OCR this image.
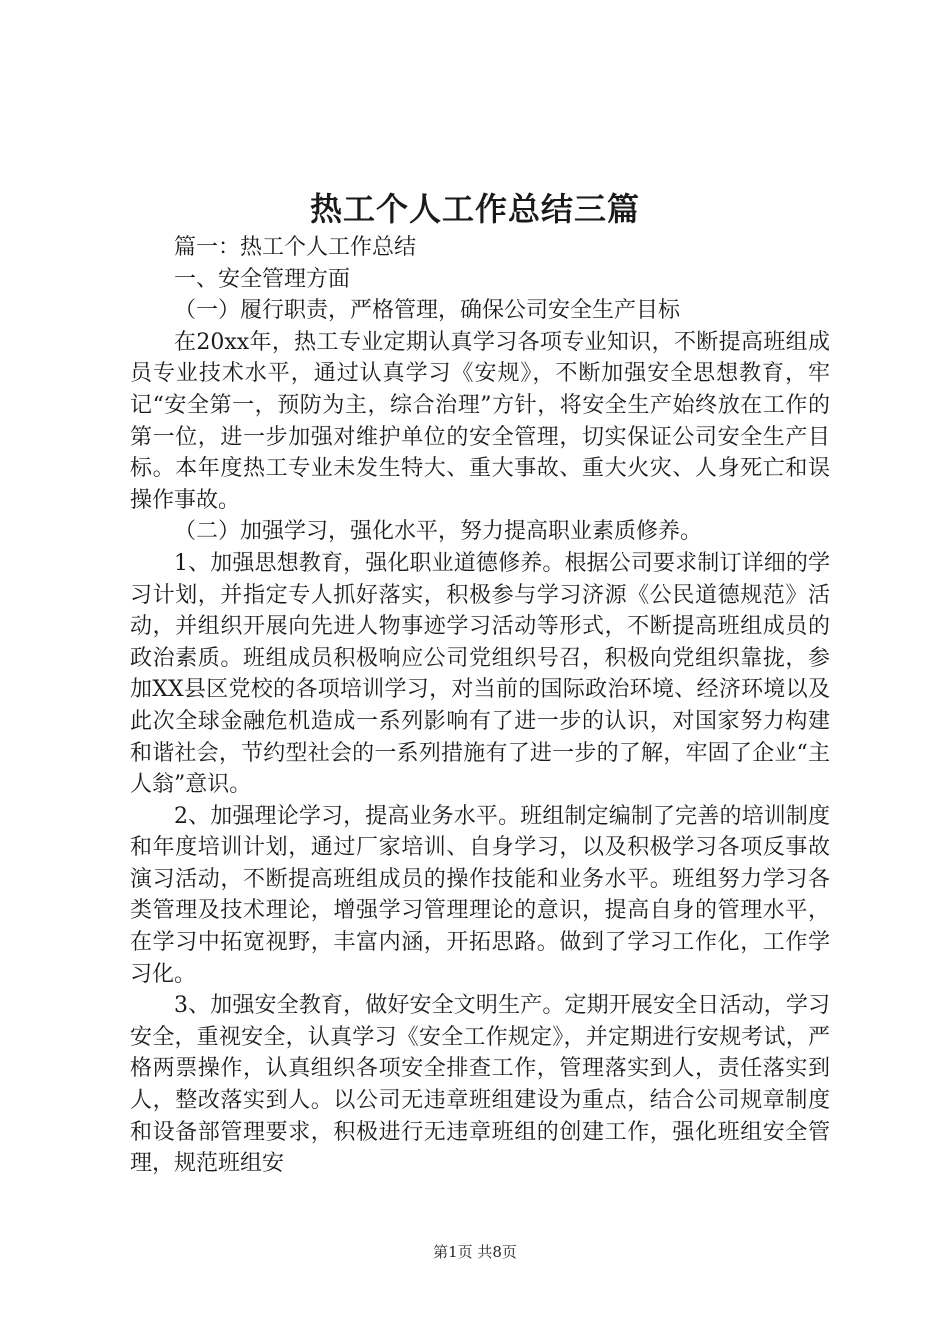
热工个人工作总结三篇

篇一：热工个人工作总结

一、安全管理方面

（一）履行职责，严格管理，确保公司安全生产目标

在20xx年，热工专业定期认真学习各项专业知识，不断提高班组成员专业技术水平，通过认真学习《安规》，不断加强安全思想教育，牢记“安全第一，预防为主，综合治理”方针，将安全生产始终放在工作的第一位，进一步加强对维护单位的安全管理，切实保证公司安全生产目标。本年度热工专业未发生特大、重大事故、重大火灾、人身死亡和误操作事故。

（二）加强学习，强化水平，努力提高职业素质修养。

1、加强思想教育，强化职业道德修养。根据公司要求制订详细的学习计划，并指定专人抓好落实，积极参与学习济源《公民道德规范》活动，并组织开展向先进人物事迹学习活动等形式，不断提高班组成员的政治素质。班组成员积极响应公司党组织号召，积极向党组织靠拢，参加XX县区党校的各项培训学习，对当前的国际政治环境、经济环境以及此次全球金融危机造成一系列影响有了进一步的认识，对国家努力构建和谐社会，节约型社会的一系列措施有了进一步的了解，牢固了企业“主人翁”意识。

2、加强理论学习，提高业务水平。班组制定编制了完善的培训制度和年度培训计划，通过厂家培训、自身学习，以及积极学习各项反事故演习活动，不断提高班组成员的操作技能和业务水平。班组努力学习各类管理及技术理论，增强学习管理理论的意识，提高自身的管理水平，在学习中拓宽视野，丰富内涵，开拓思路。做到了学习工作化，工作学习化。

3、加强安全教育，做好安全文明生产。定期开展安全日活动，学习安全，重视安全，认真学习《安全工作规定》，并定期进行安规考试，严格两票操作，认真组织各项安全排查工作，管理落实到人，责任落实到人，整改落实到人。以公司无违章班组建设为重点，结合公司规章制度和设备部管理要求，积极进行无违章班组的创建工作，强化班组安全管理，规范班组安

第1页 共8页
